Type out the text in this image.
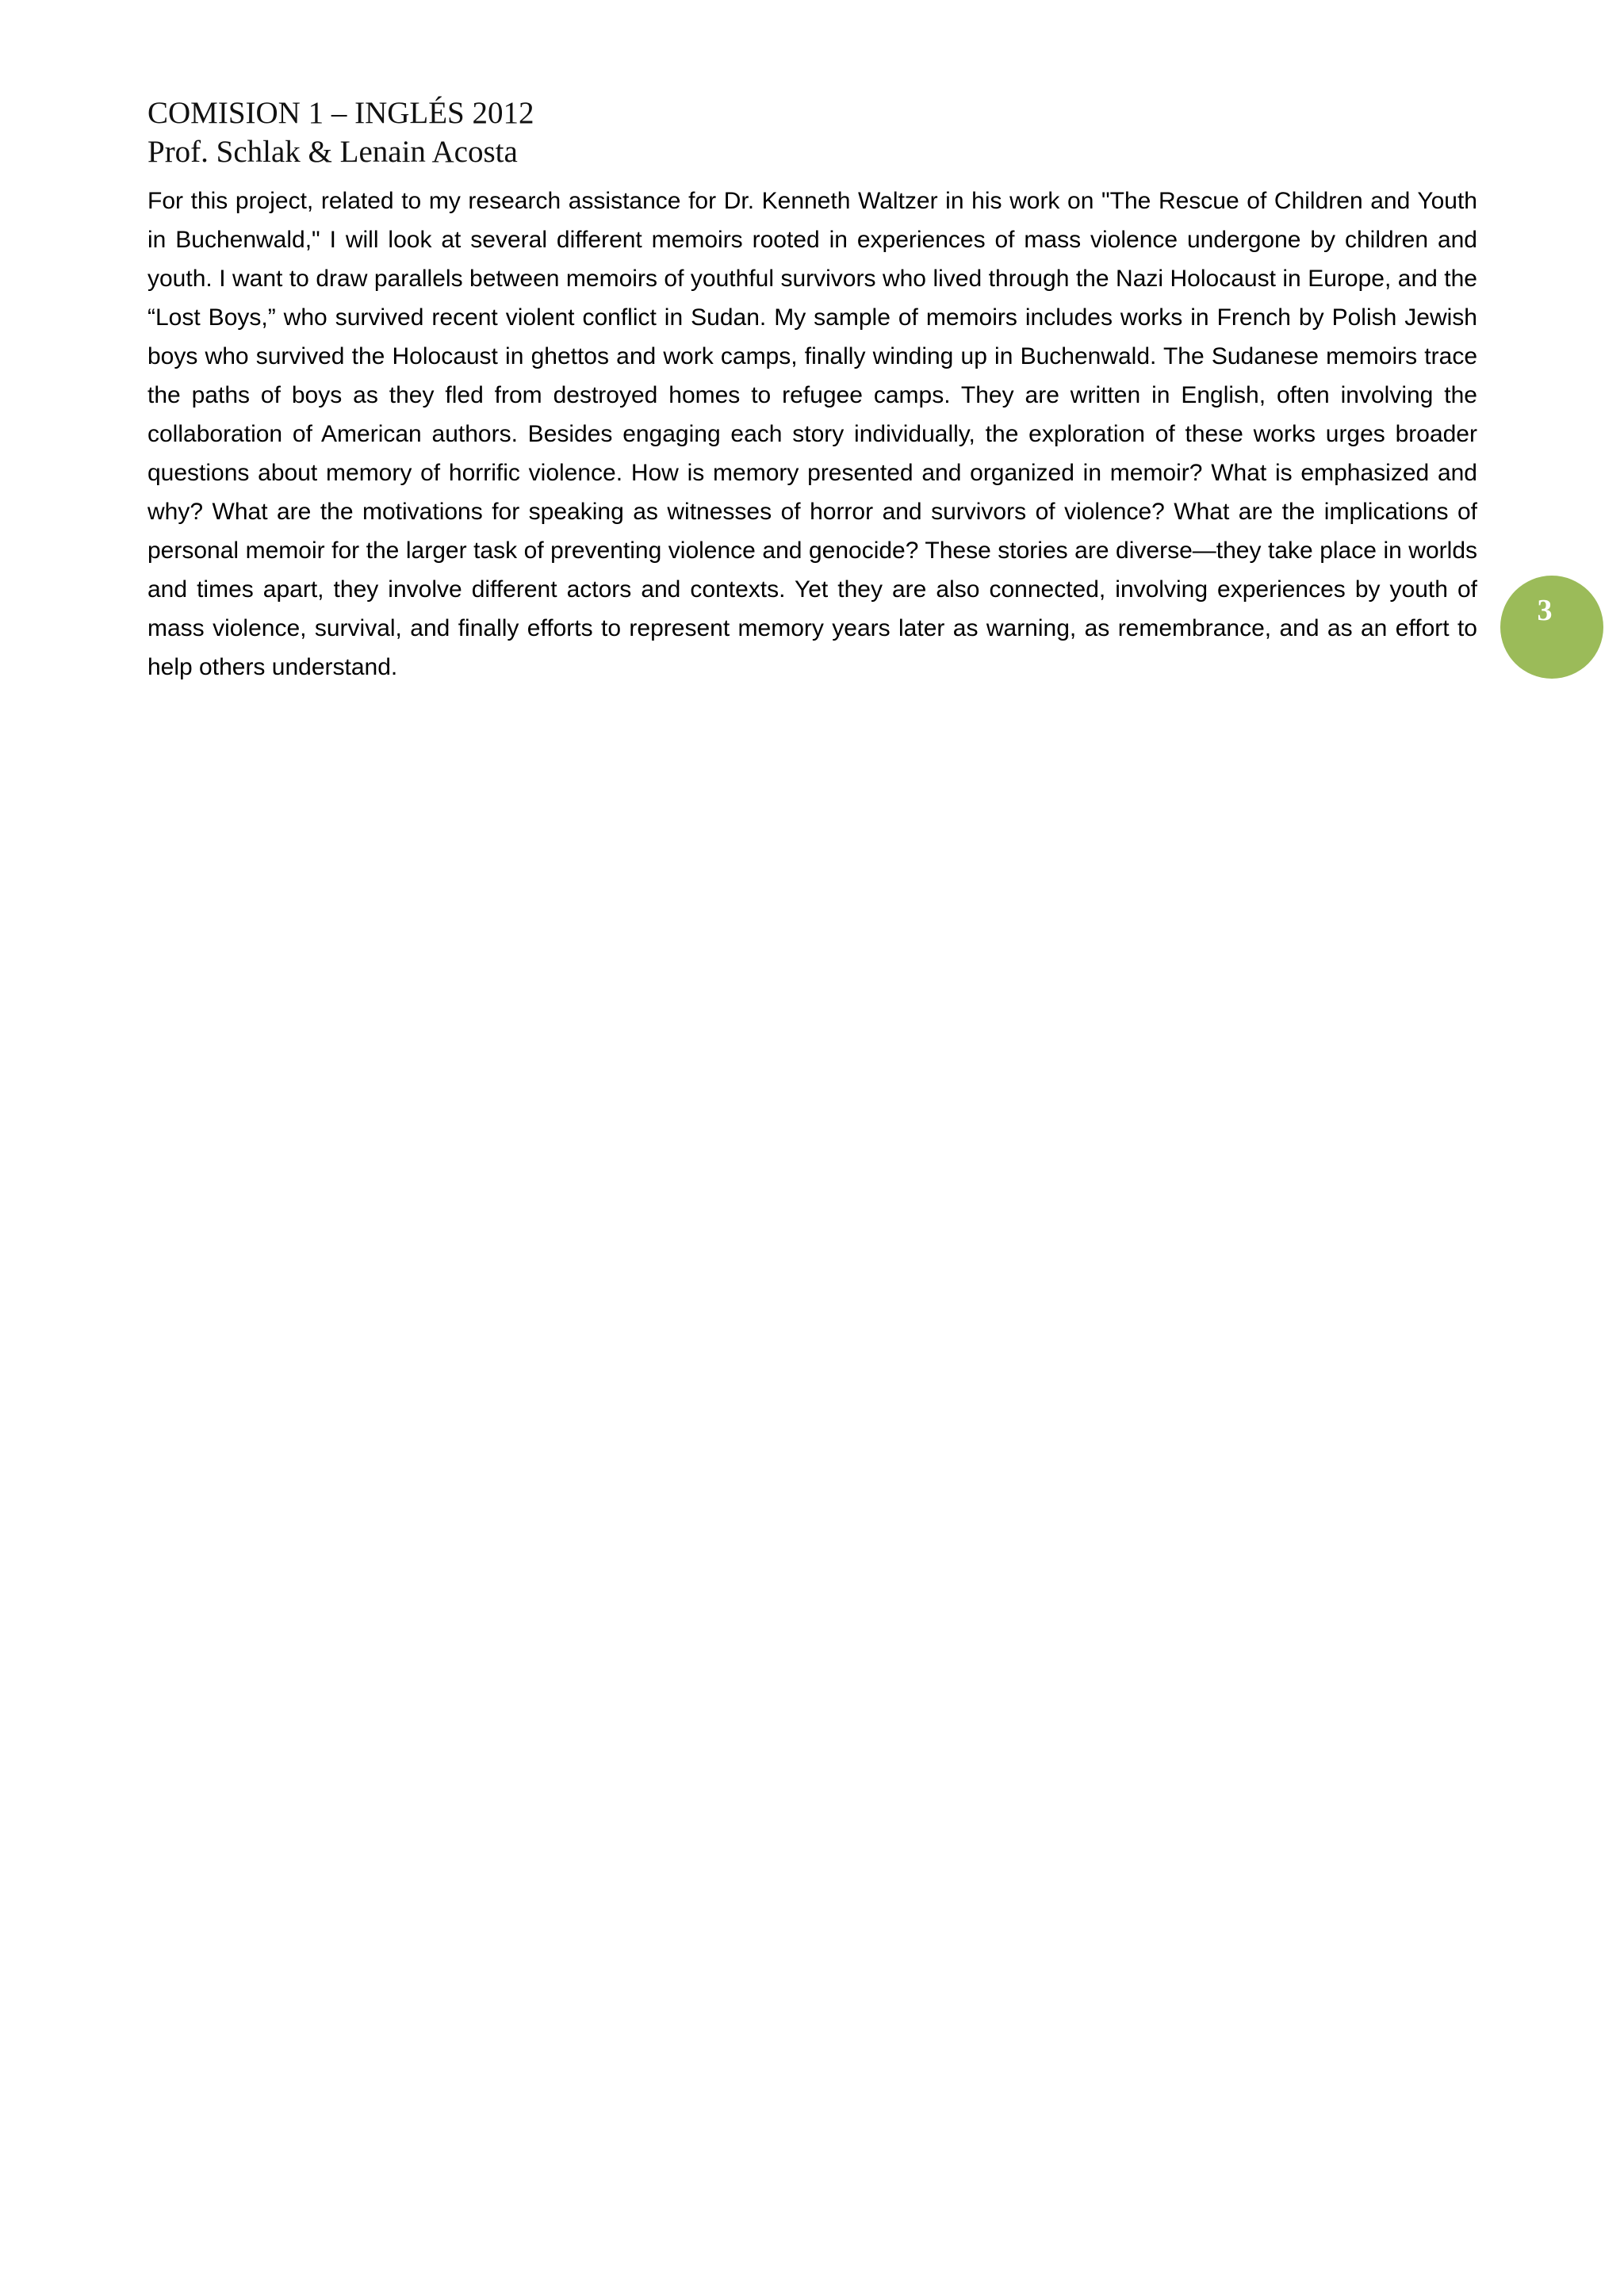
COMISION 1 – INGLÉS 2012
Prof. Schlak & Lenain Acosta

For this project, related to my research assistance for Dr. Kenneth Waltzer in his work on "The Rescue of Children and Youth in Buchenwald," I will look at several different memoirs rooted in experiences of mass violence undergone by children and youth. I want to draw parallels between memoirs of youthful survivors who lived through the Nazi Holocaust in Europe, and the “Lost Boys,” who survived recent violent conflict in Sudan. My sample of memoirs includes works in French by Polish Jewish boys who survived the Holocaust in ghettos and work camps, finally winding up in Buchenwald. The Sudanese memoirs trace the paths of boys as they fled from destroyed homes to refugee camps. They are written in English, often involving the collaboration of American authors. Besides engaging each story individually, the exploration of these works urges broader questions about memory of horrific violence. How is memory presented and organized in memoir? What is emphasized and why? What are the motivations for speaking as witnesses of horror and survivors of violence? What are the implications of personal memoir for the larger task of preventing violence and genocide? These stories are diverse—they take place in worlds and times apart, they involve different actors and contexts. Yet they are also connected, involving experiences by youth of mass violence, survival, and finally efforts to represent memory years later as warning, as remembrance, and as an effort to help others understand.

3
